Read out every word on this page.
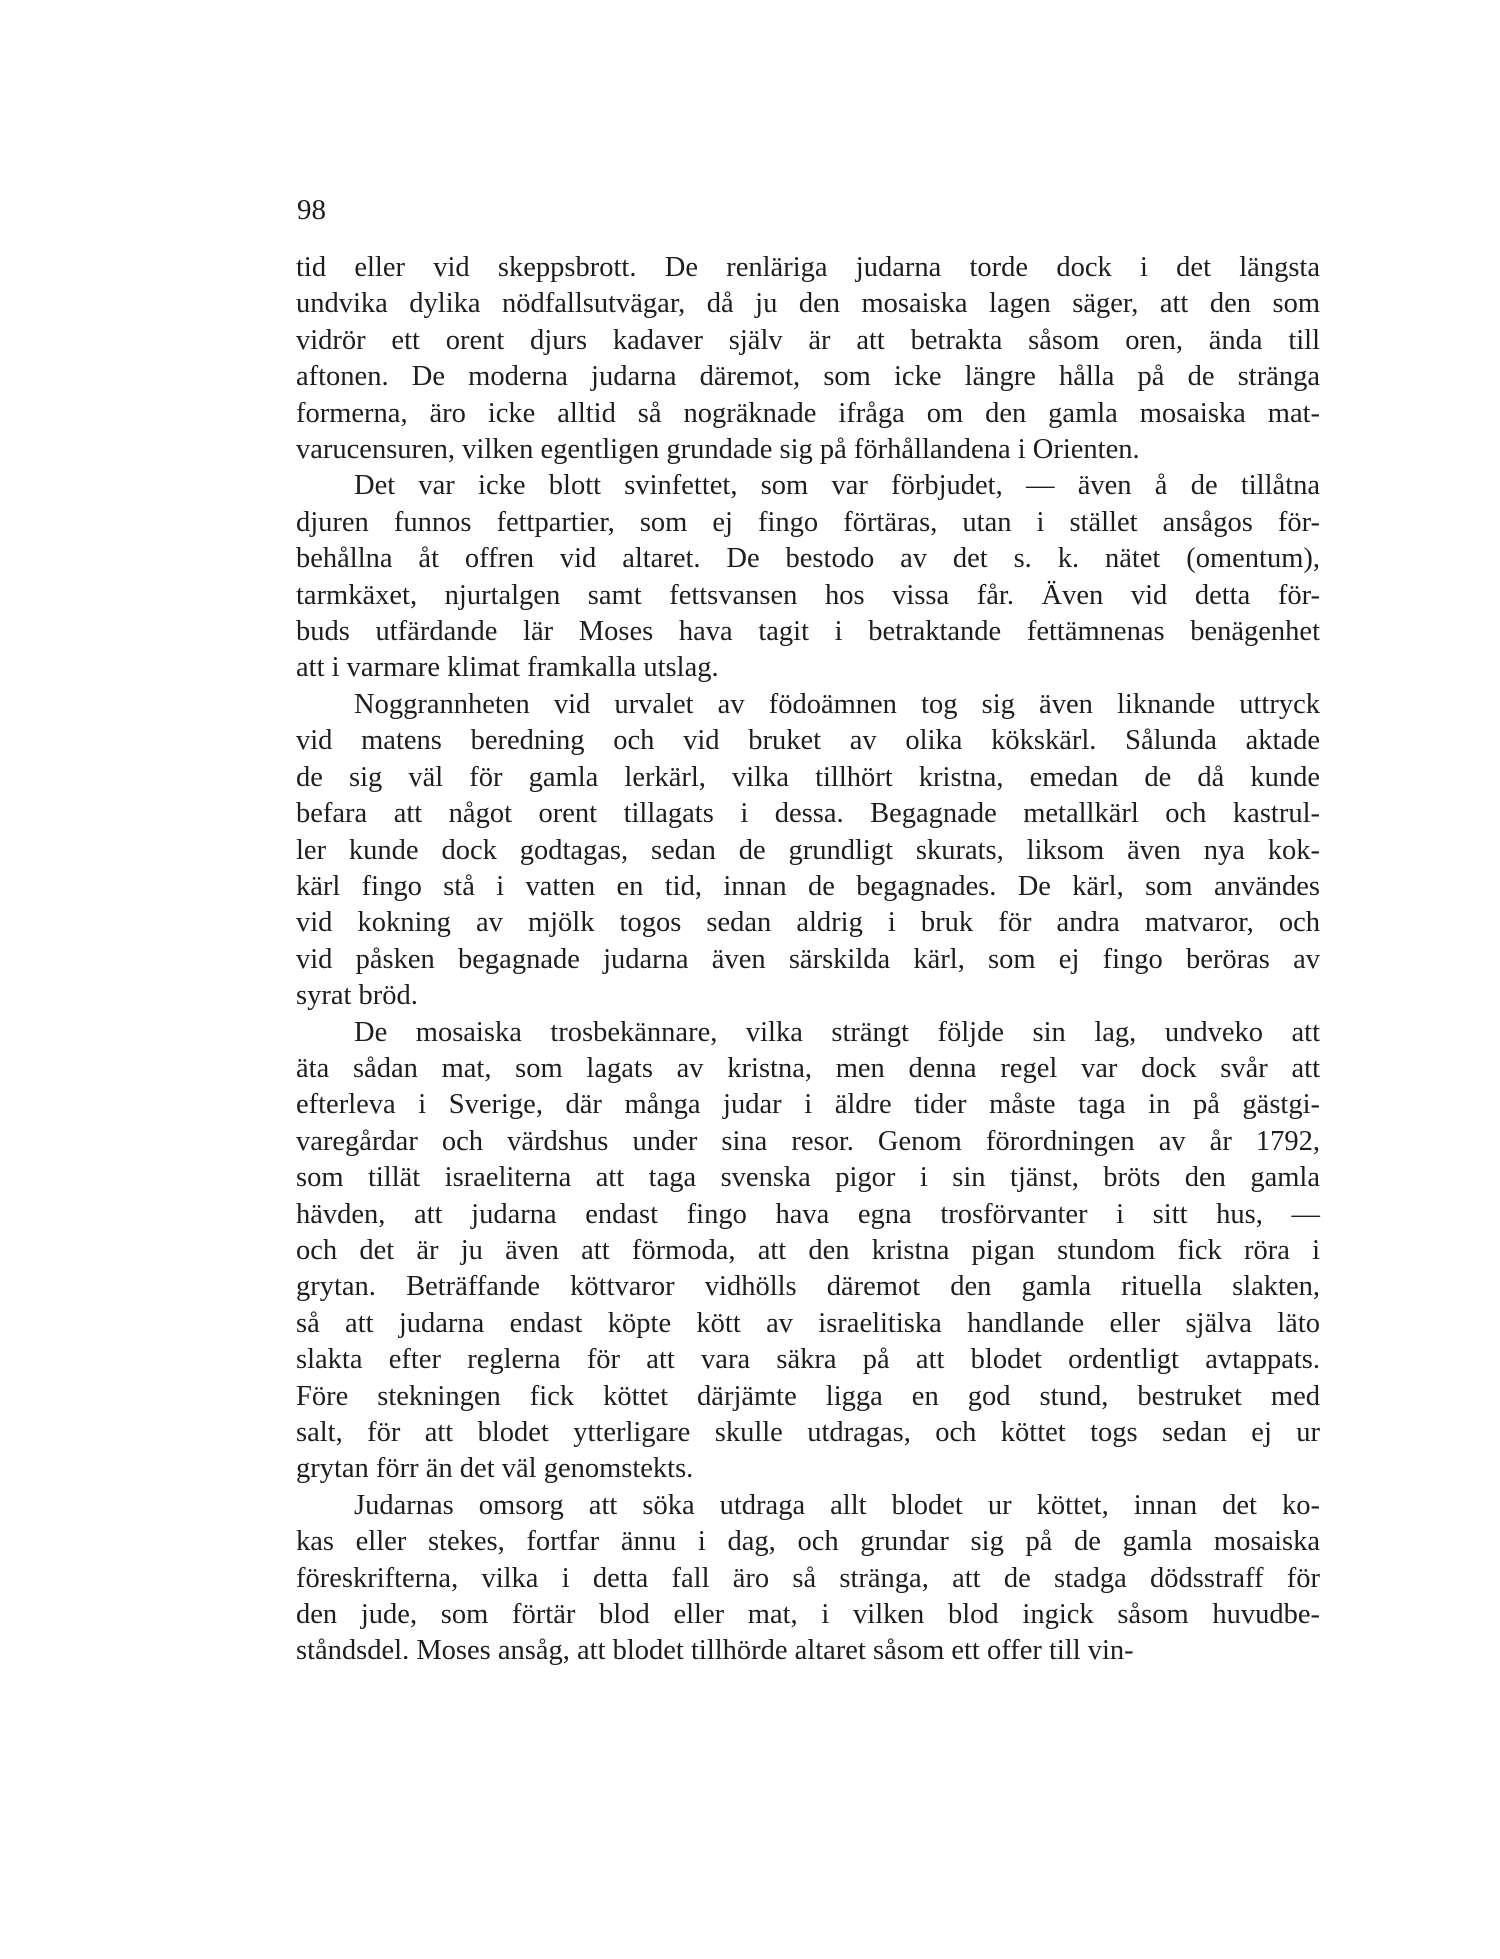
98

tid eller vid skeppsbrott. De renläriga judarna torde dock i det längsta
undvika dylika nödfallsutvägar, då ju den mosaiska lagen säger, att den som
vidrör ett orent djurs kadaver själv är att betrakta såsom oren, ända till
aftonen. De moderna judarna däremot, som icke längre hålla på de stränga
formerna, äro icke alltid så nogräknade ifråga om den gamla mosaiska mat-
varucensuren, vilken egentligen grundade sig på förhållandena i Orienten.

Det var icke blott svinfettet, som var förbjudet, — även å de tillåtna
djuren funnos fettpartier, som ej fingo förtäras, utan i stället ansågos för-
behållna åt offren vid altaret. De bestodo av det s. k. nätet (omentum),
tarmkäxet, njurtalgen samt fettsvansen hos vissa får. Även vid detta för-
buds utfärdande lär Moses hava tagit i betraktande fettämnenas benägenhet
att i varmare klimat framkalla utslag.

Noggrannheten vid urvalet av födoämnen tog sig även liknande uttryck
vid matens beredning och vid bruket av olika kökskärl. Sålunda aktade
de sig väl för gamla lerkärl, vilka tillhört kristna, emedan de då kunde
befara att något orent tillagats i dessa. Begagnade metallkärl och kastrul-
ler kunde dock godtagas, sedan de grundligt skurats, liksom även nya kok-
kärl fingo stå i vatten en tid, innan de begagnades. De kärl, som användes
vid kokning av mjölk togos sedan aldrig i bruk för andra matvaror, och
vid påsken begagnade judarna även särskilda kärl, som ej fingo beröras av
syrat bröd.

De mosaiska trosbekännare, vilka strängt följde sin lag, undveko att
äta sådan mat, som lagats av kristna, men denna regel var dock svår att
efterleva i Sverige, där många judar i äldre tider måste taga in på gästgi-
varegårdar och värdshus under sina resor. Genom förordningen av år 1792,
som tillät israeliterna att taga svenska pigor i sin tjänst, bröts den gamla
hävden, att judarna endast fingo hava egna trosförvanter i sitt hus, —
och det är ju även att förmoda, att den kristna pigan stundom fick röra i
grytan. Beträffande köttvaror vidhölls däremot den gamla rituella slakten,
så att judarna endast köpte kött av israelitiska handlande eller själva läto
slakta efter reglerna för att vara säkra på att blodet ordentligt avtappats.
Före stekningen fick köttet därjämte ligga en god stund, bestruket med
salt, för att blodet ytterligare skulle utdragas, och köttet togs sedan ej ur
grytan förr än det väl genomstekts.

Judarnas omsorg att söka utdraga allt blodet ur köttet, innan det ko-
kas eller stekes, fortfar ännu i dag, och grundar sig på de gamla mosaiska
föreskrifterna, vilka i detta fall äro så stränga, att de stadga dödsstraff för
den jude, som förtär blod eller mat, i vilken blod ingick såsom huvudbe-
ståndsdel. Moses ansåg, att blodet tillhörde altaret såsom ett offer till vin-
